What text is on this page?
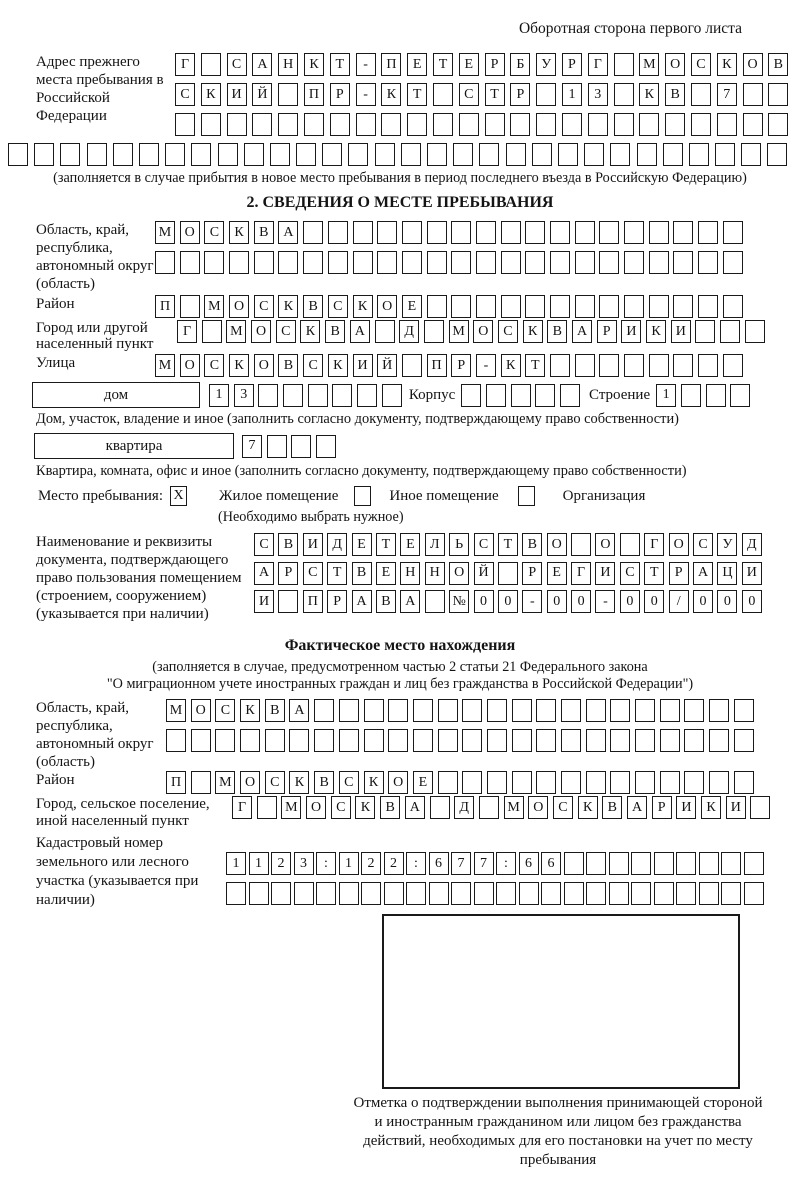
Оборотная сторона первого листа
Адрес прежнего места пребывания в Российской Федерации
Г	С	А	Н	К	Т	-	П	Е	Т	Е	Р	Б	У	Р	Г	М	О	С	К	О	В
С	К	И	Й	П	Р	-	К	Т	С	Т	Р	1	3	К	В	7
(заполняется в случае прибытия в новое место пребывания в период последнего въезда в Российскую Федерацию)
2. СВЕДЕНИЯ О МЕСТЕ ПРЕБЫВАНИЯ
Область, край, республика, автономный округ (область)
М О	С	К	В	А
Район	П	М О	С	К	В	С	К	О	Е
Город или другой населенный пункт
Г	М О	С	К	В	А	Д	М О	С	К	В	А	Р	И	К	И
Улица	М О	С	К	О	В	С	К	И	Й	П	Р	-	К	Т
дом	1	3	Корпус	Строение 1
Дом, участок, владение и иное (заполнить согласно документу, подтверждающему право собственности)
квартира	7
Квартира, комната, офис и иное (заполнить согласно документу, подтверждающему право собственности)
Место пребывания: X Жилое помещение	Иное помещение	Организация
(Необходимо выбрать нужное)
Наименование и реквизиты документа, подтверждающего право пользования помещением (строением, сооружением) (указывается при наличии)
С	В	И	Д	Е	Т	Е	Л	Ь	С	Т	В	О	О	Г	О	С	У	Д
А	Р	С	Т	В	Е	Н	Н	О	Й	Р	Е	Г	И	С	Т	Р	А	Ц	И
И	П	Р	А	В	А	№	0	0	-	0	0	-	0	0	/	0	0	0
Фактическое место нахождения
(заполняется в случае, предусмотренном частью 2 статьи 21 Федерального закона
"О миграционном учете иностранных граждан и лиц без гражданства в Российской Федерации")
Область, край, республика, автономный округ (область)
М О	С	К	В	А
Район	П	М О	С	К	В	С	К	О	Е
Город, сельское поселение, иной населенный пункт
Г	М О	С	К	В	А	Д	М О	С	К	В	А	Р	И	К	И
Кадастровый номер земельного или лесного участка (указывается при наличии)
1	1	2	3	:	1	2	2	:	6	7	7	:	6	6
Отметка о подтверждении выполнения принимающей стороной и иностранным гражданином или лицом без гражданства действий, необходимых для его постановки на учет по месту пребывания
